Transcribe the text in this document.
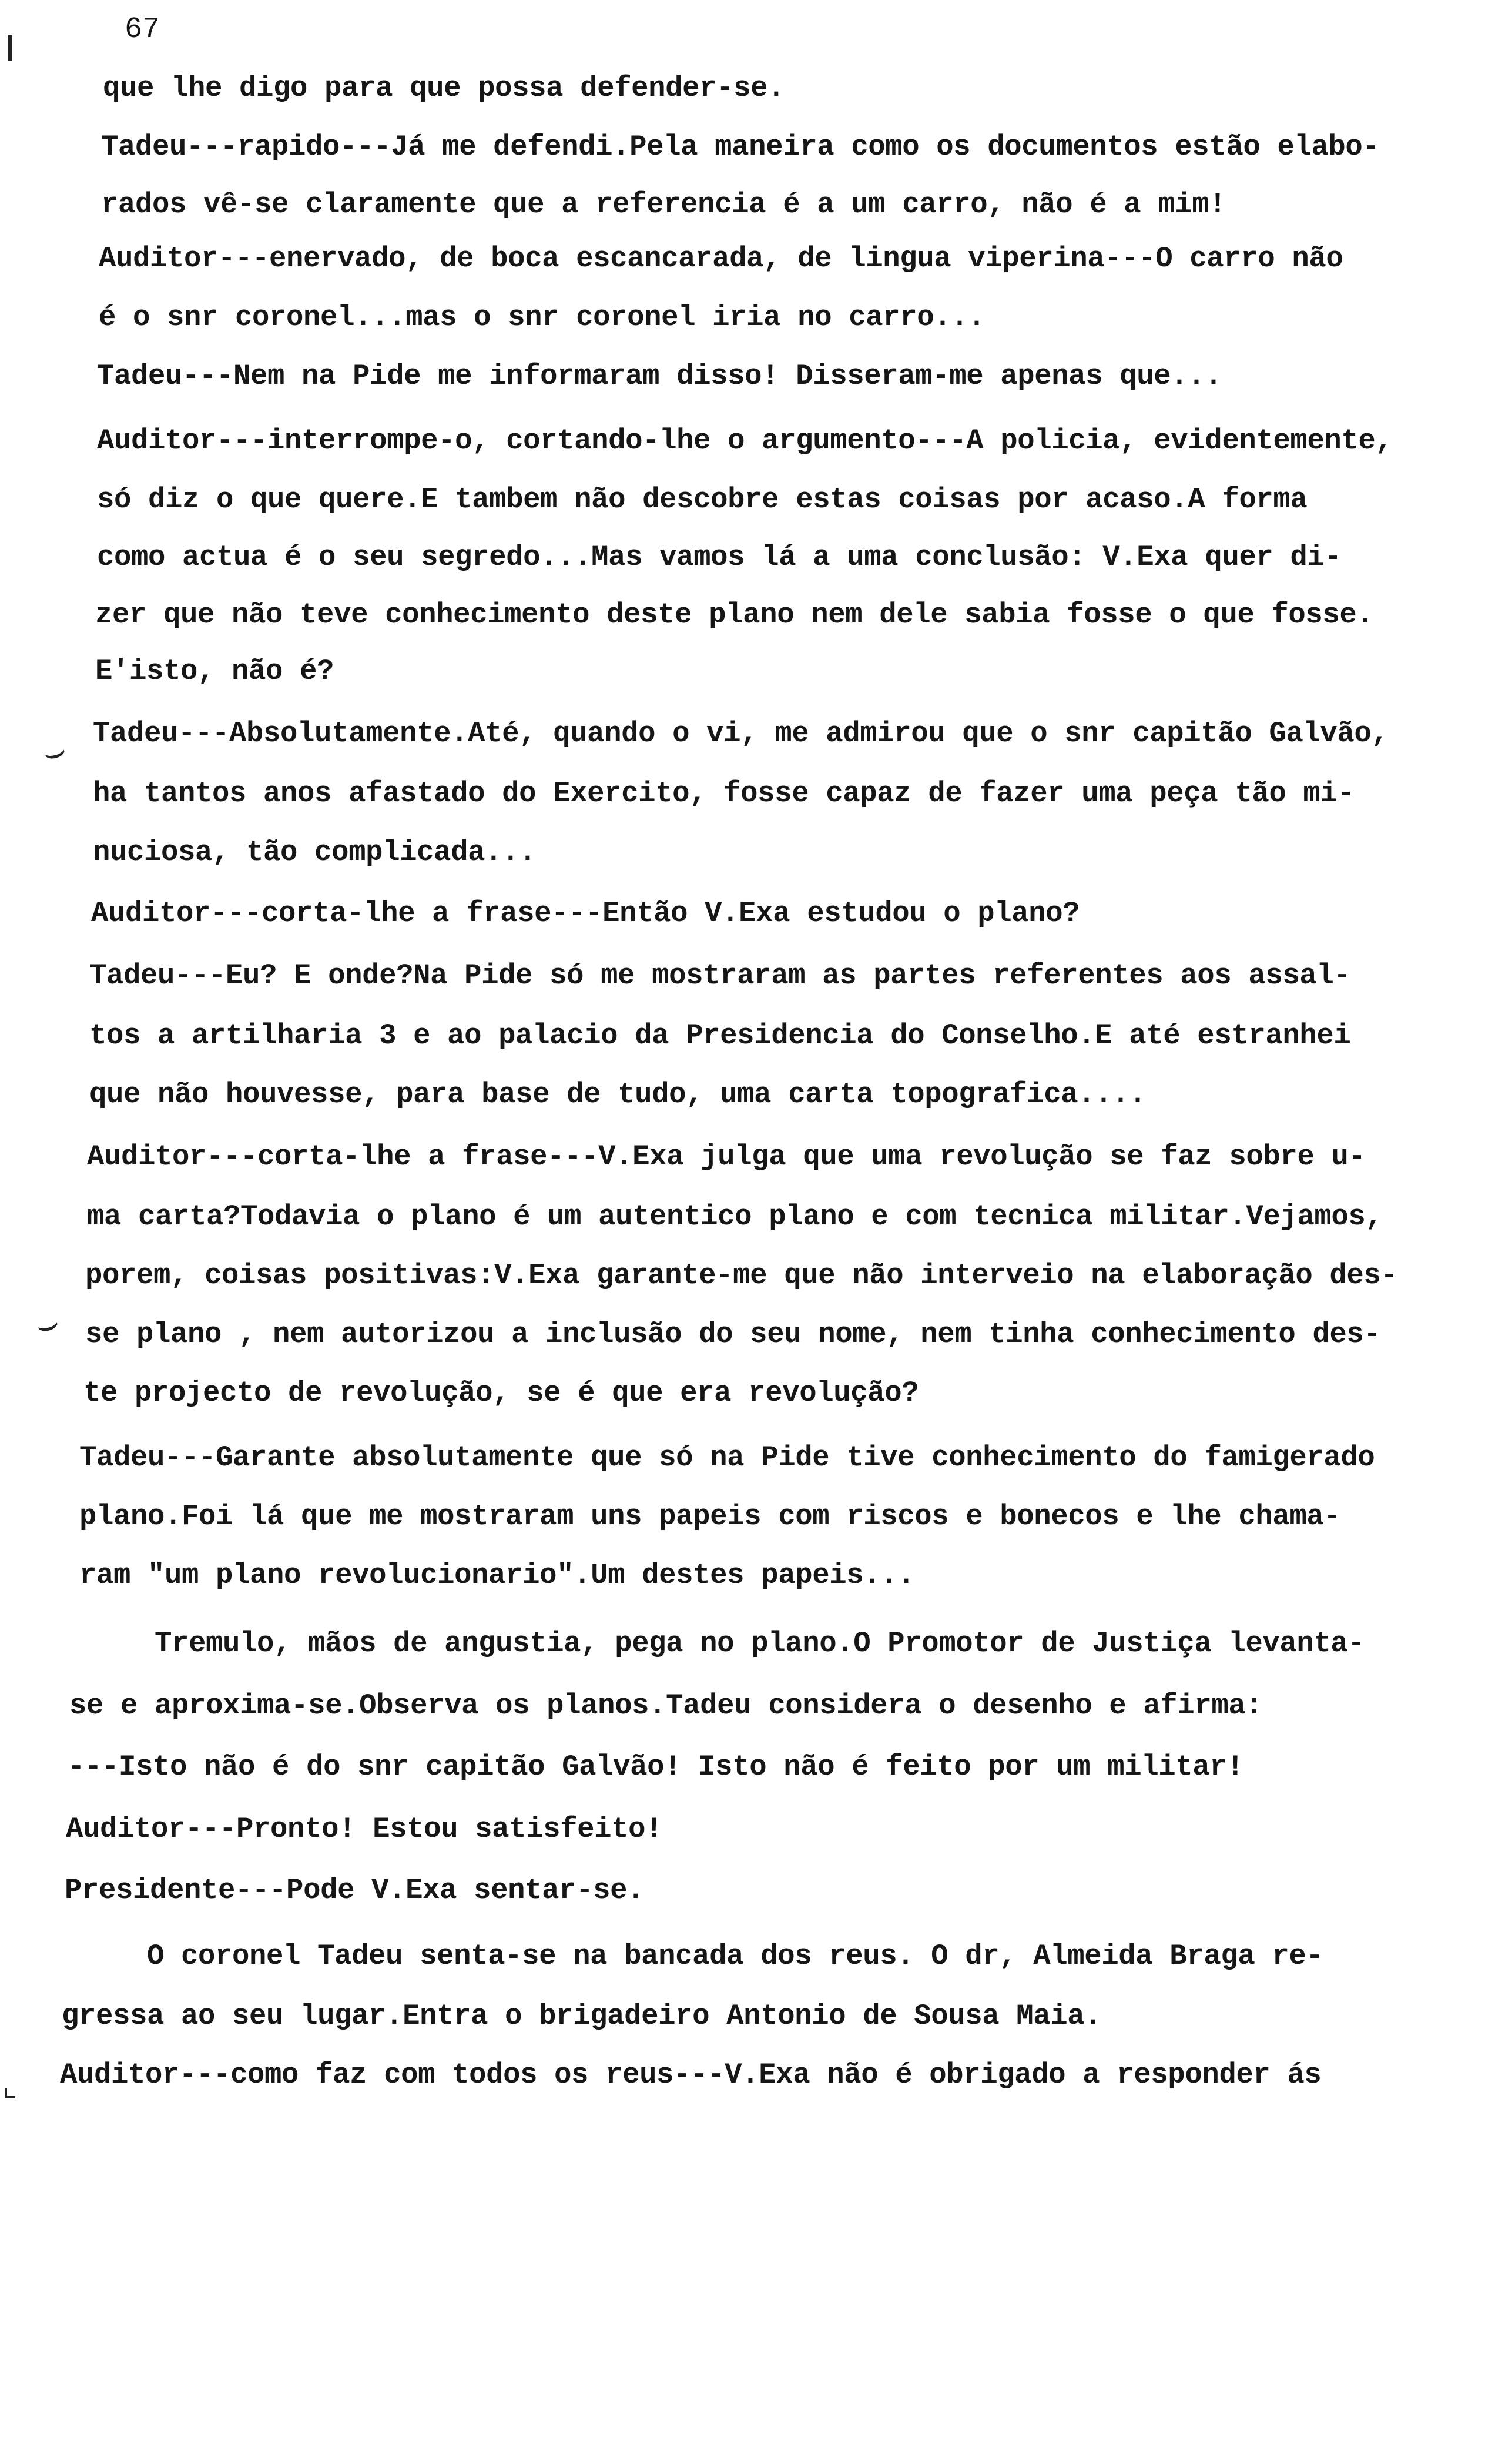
67
que lhe digo para que possa defender-se.
Tadeu---rapido---Já me defendi.Pela maneira como os documentos estão elabo-
rados vê-se claramente que a referencia é a um carro, não é a mim!
Auditor---enervado, de boca escancarada, de lingua viperina---O carro não
é o snr coronel...mas o snr coronel iria no carro...
Tadeu---Nem na Pide me informaram disso! Disseram-me apenas que...
Auditor---interrompe-o, cortando-lhe o argumento---A policia, evidentemente,
só diz o que quere.E tambem não descobre estas coisas por acaso.A forma
como actua é o seu segredo...Mas vamos lá a uma conclusão: V.Exa quer di-
zer que não teve conhecimento deste plano nem dele sabia fosse o que fosse.
E'isto, não é?
Tadeu---Absolutamente.Até, quando o vi, me admirou que o snr capitão Galvão,
ha tantos anos afastado do Exercito, fosse capaz de fazer uma peça tão mi-
nuciosa, tão complicada...
Auditor---corta-lhe a frase---Então V.Exa estudou o plano?
Tadeu---Eu? E onde?Na Pide só me mostraram as partes referentes aos assal-
tos a artilharia 3 e ao palacio da Presidencia do Conselho.E até estranhei
que não houvesse, para base de tudo, uma carta topografica....
Auditor---corta-lhe a frase---V.Exa julga que uma revolução se faz sobre u-
ma carta?Todavia o plano é um autentico plano e com tecnica militar.Vejamos,
porem, coisas positivas:V.Exa garante-me que não interveio na elaboração des-
se plano , nem autorizou a inclusão do seu nome, nem tinha conhecimento des-
te projecto de revolução, se é que era revolução?
Tadeu---Garante absolutamente que só na Pide tive conhecimento do famigerado
plano.Foi lá que me mostraram uns papeis com riscos e bonecos e lhe chama-
ram "um plano revolucionario".Um destes papeis...
Tremulo, mãos de angustia, pega no plano.O Promotor de Justiça levanta-
se e aproxima-se.Observa os planos.Tadeu considera o desenho e afirma:
---Isto não é do snr capitão Galvão! Isto não é feito por um militar!
Auditor---Pronto! Estou satisfeito!
Presidente---Pode V.Exa sentar-se.
O coronel Tadeu senta-se na bancada dos reus. O dr, Almeida Braga re-
gressa ao seu lugar.Entra o brigadeiro Antonio de Sousa Maia.
Auditor---como faz com todos os reus---V.Exa não é obrigado a responder ás
⌣
⌣
